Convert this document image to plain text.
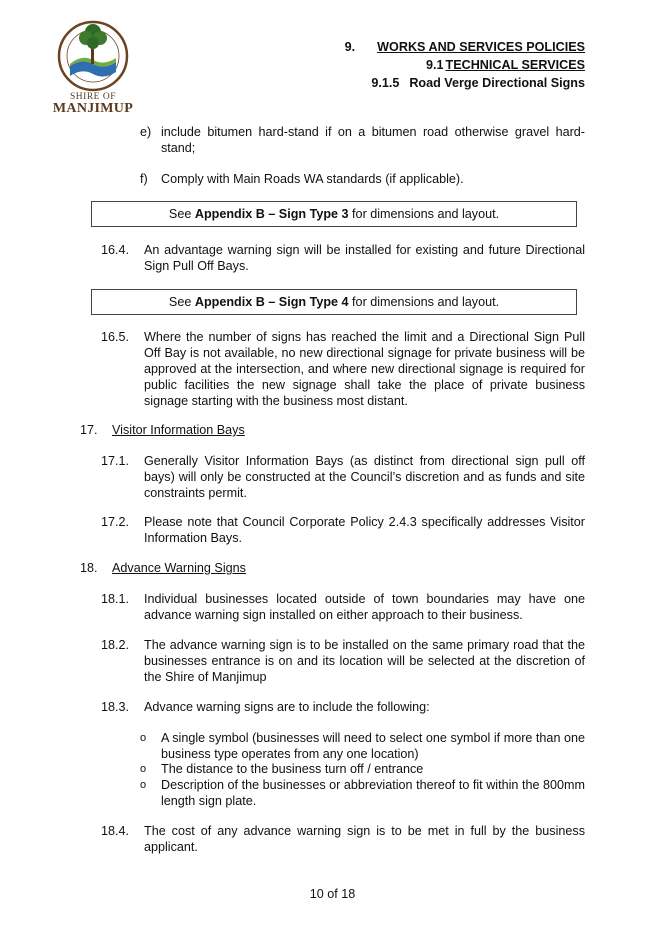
SHIRE OF
MANJIMUP
9. WORKS AND SERVICES POLICIES
9.1 TECHNICAL SERVICES
9.1.5 Road Verge Directional Signs
e) include bitumen hard-stand if on a bitumen road otherwise gravel hard-stand;
f) Comply with Main Roads WA standards (if applicable).
See Appendix B – Sign Type 3 for dimensions and layout.
16.4. An advantage warning sign will be installed for existing and future Directional Sign Pull Off Bays.
See Appendix B – Sign Type 4 for dimensions and layout.
16.5. Where the number of signs has reached the limit and a Directional Sign Pull Off Bay is not available, no new directional signage for private business will be approved at the intersection, and where new directional signage is required for public facilities the new signage shall take the place of private business signage starting with the business most distant.
17. Visitor Information Bays
17.1. Generally Visitor Information Bays (as distinct from directional sign pull off bays) will only be constructed at the Council’s discretion and as funds and site constraints permit.
17.2. Please note that Council Corporate Policy 2.4.3 specifically addresses Visitor Information Bays.
18. Advance Warning Signs
18.1. Individual businesses located outside of town boundaries may have one advance warning sign installed on either approach to their business.
18.2. The advance warning sign is to be installed on the same primary road that the businesses entrance is on and its location will be selected at the discretion of the Shire of Manjimup
18.3. Advance warning signs are to include the following:
o A single symbol (businesses will need to select one symbol if more than one business type operates from any one location)
o The distance to the business turn off / entrance
o Description of the businesses or abbreviation thereof to fit within the 800mm length sign plate.
18.4. The cost of any advance warning sign is to be met in full by the business applicant.
10 of 18
